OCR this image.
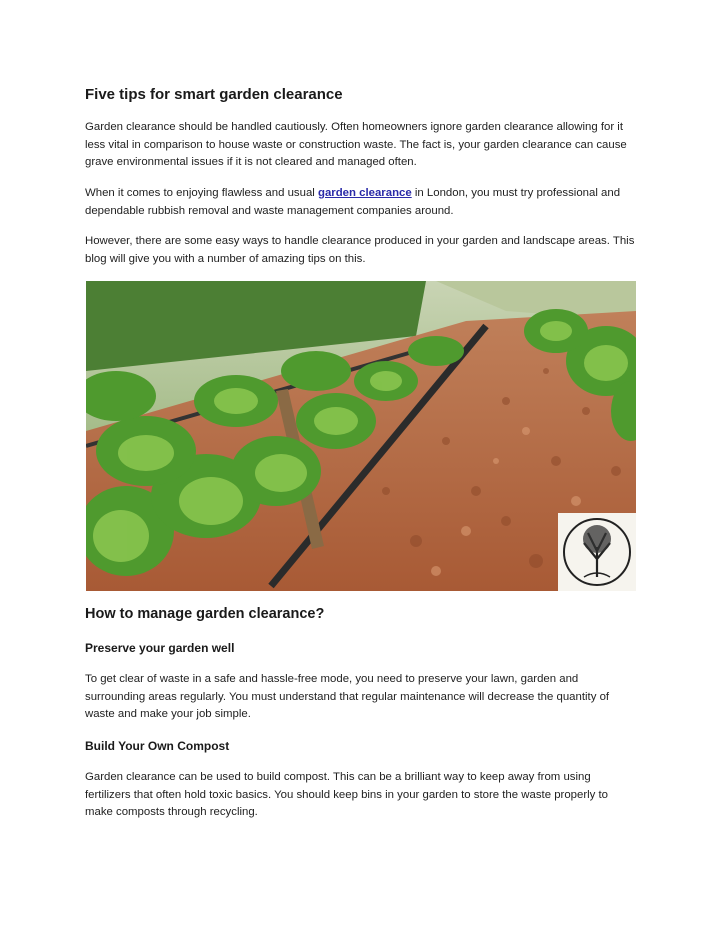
Five tips for smart garden clearance

Garden clearance should be handled cautiously. Often homeowners ignore garden clearance allowing for it less vital in comparison to house waste or construction waste. The fact is, your garden clearance can cause grave environmental issues if it is not cleared and managed often.

When it comes to enjoying flawless and usual garden clearance in London, you must try professional and dependable rubbish removal and waste management companies around.

However, there are some easy ways to handle clearance produced in your garden and landscape areas. This blog will give you with a number of amazing tips on this.

How to manage garden clearance?
Preserve your garden well

To get clear of waste in a safe and hassle-free mode, you need to preserve your lawn, garden and surrounding areas regularly. You must understand that regular maintenance will decrease the quantity of waste and make your job simple.

Build Your Own Compost

Garden clearance can be used to build compost. This can be a brilliant way to keep away from using fertilizers that often hold toxic basics. You should keep bins in your garden to store the waste properly to make composts through recycling.
